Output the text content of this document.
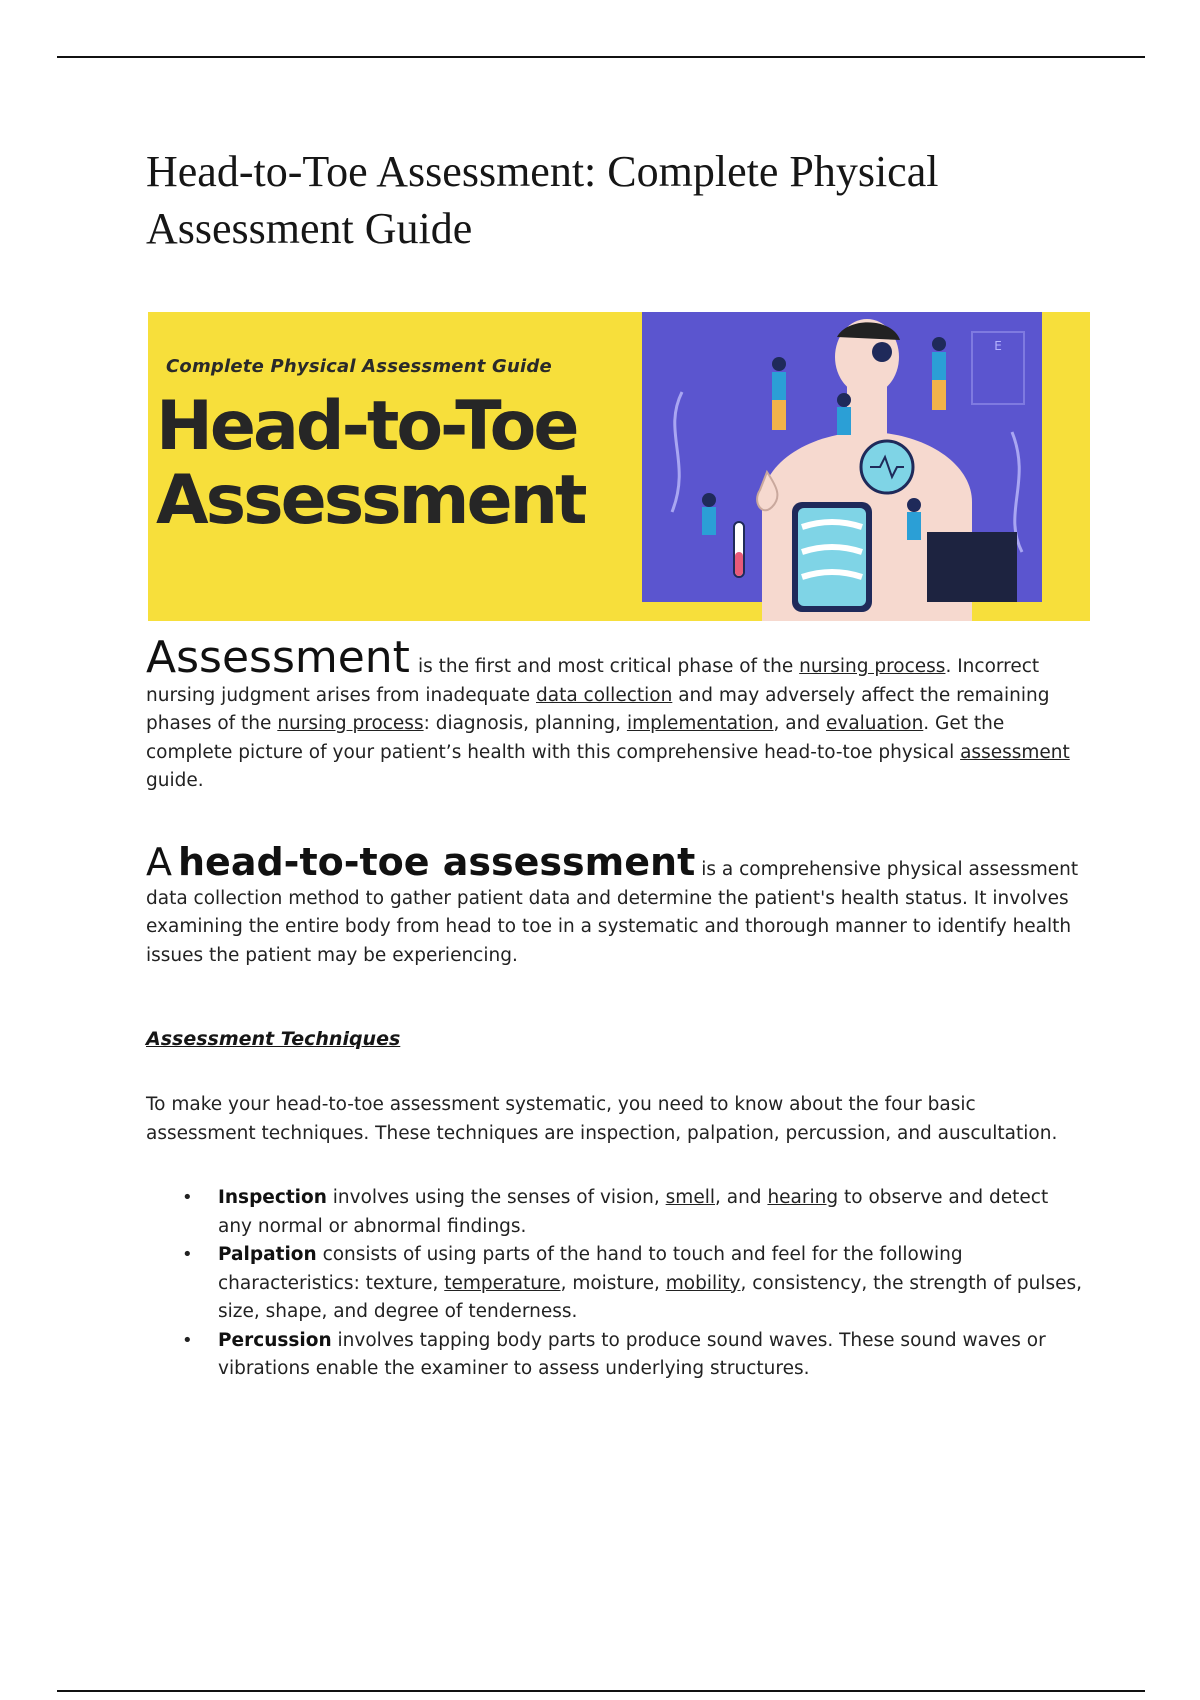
Head-to-Toe Assessment: Complete Physical Assessment Guide
Complete Physical Assessment Guide
Head-to-Toe
Assessment
E

Assessment is the first and most critical phase of the nursing process. Incorrect nursing judgment arises from inadequate data collection and may adversely affect the remaining phases of the nursing process: diagnosis, planning, implementation, and evaluation. Get the complete picture of your patient’s health with this comprehensive head-to-toe physical assessment guide.

A head-to-toe assessment is a comprehensive physical assessment data collection method to gather patient data and determine the patient's health status. It involves examining the entire body from head to toe in a systematic and thorough manner to identify health issues the patient may be experiencing.

Assessment Techniques

To make your head-to-toe assessment systematic, you need to know about the four basic assessment techniques. These techniques are inspection, palpation, percussion, and auscultation.

• Inspection involves using the senses of vision, smell, and hearing to observe and detect any normal or abnormal findings.
• Palpation consists of using parts of the hand to touch and feel for the following characteristics: texture, temperature, moisture, mobility, consistency, the strength of pulses, size, shape, and degree of tenderness.
• Percussion involves tapping body parts to produce sound waves. These sound waves or vibrations enable the examiner to assess underlying structures.
